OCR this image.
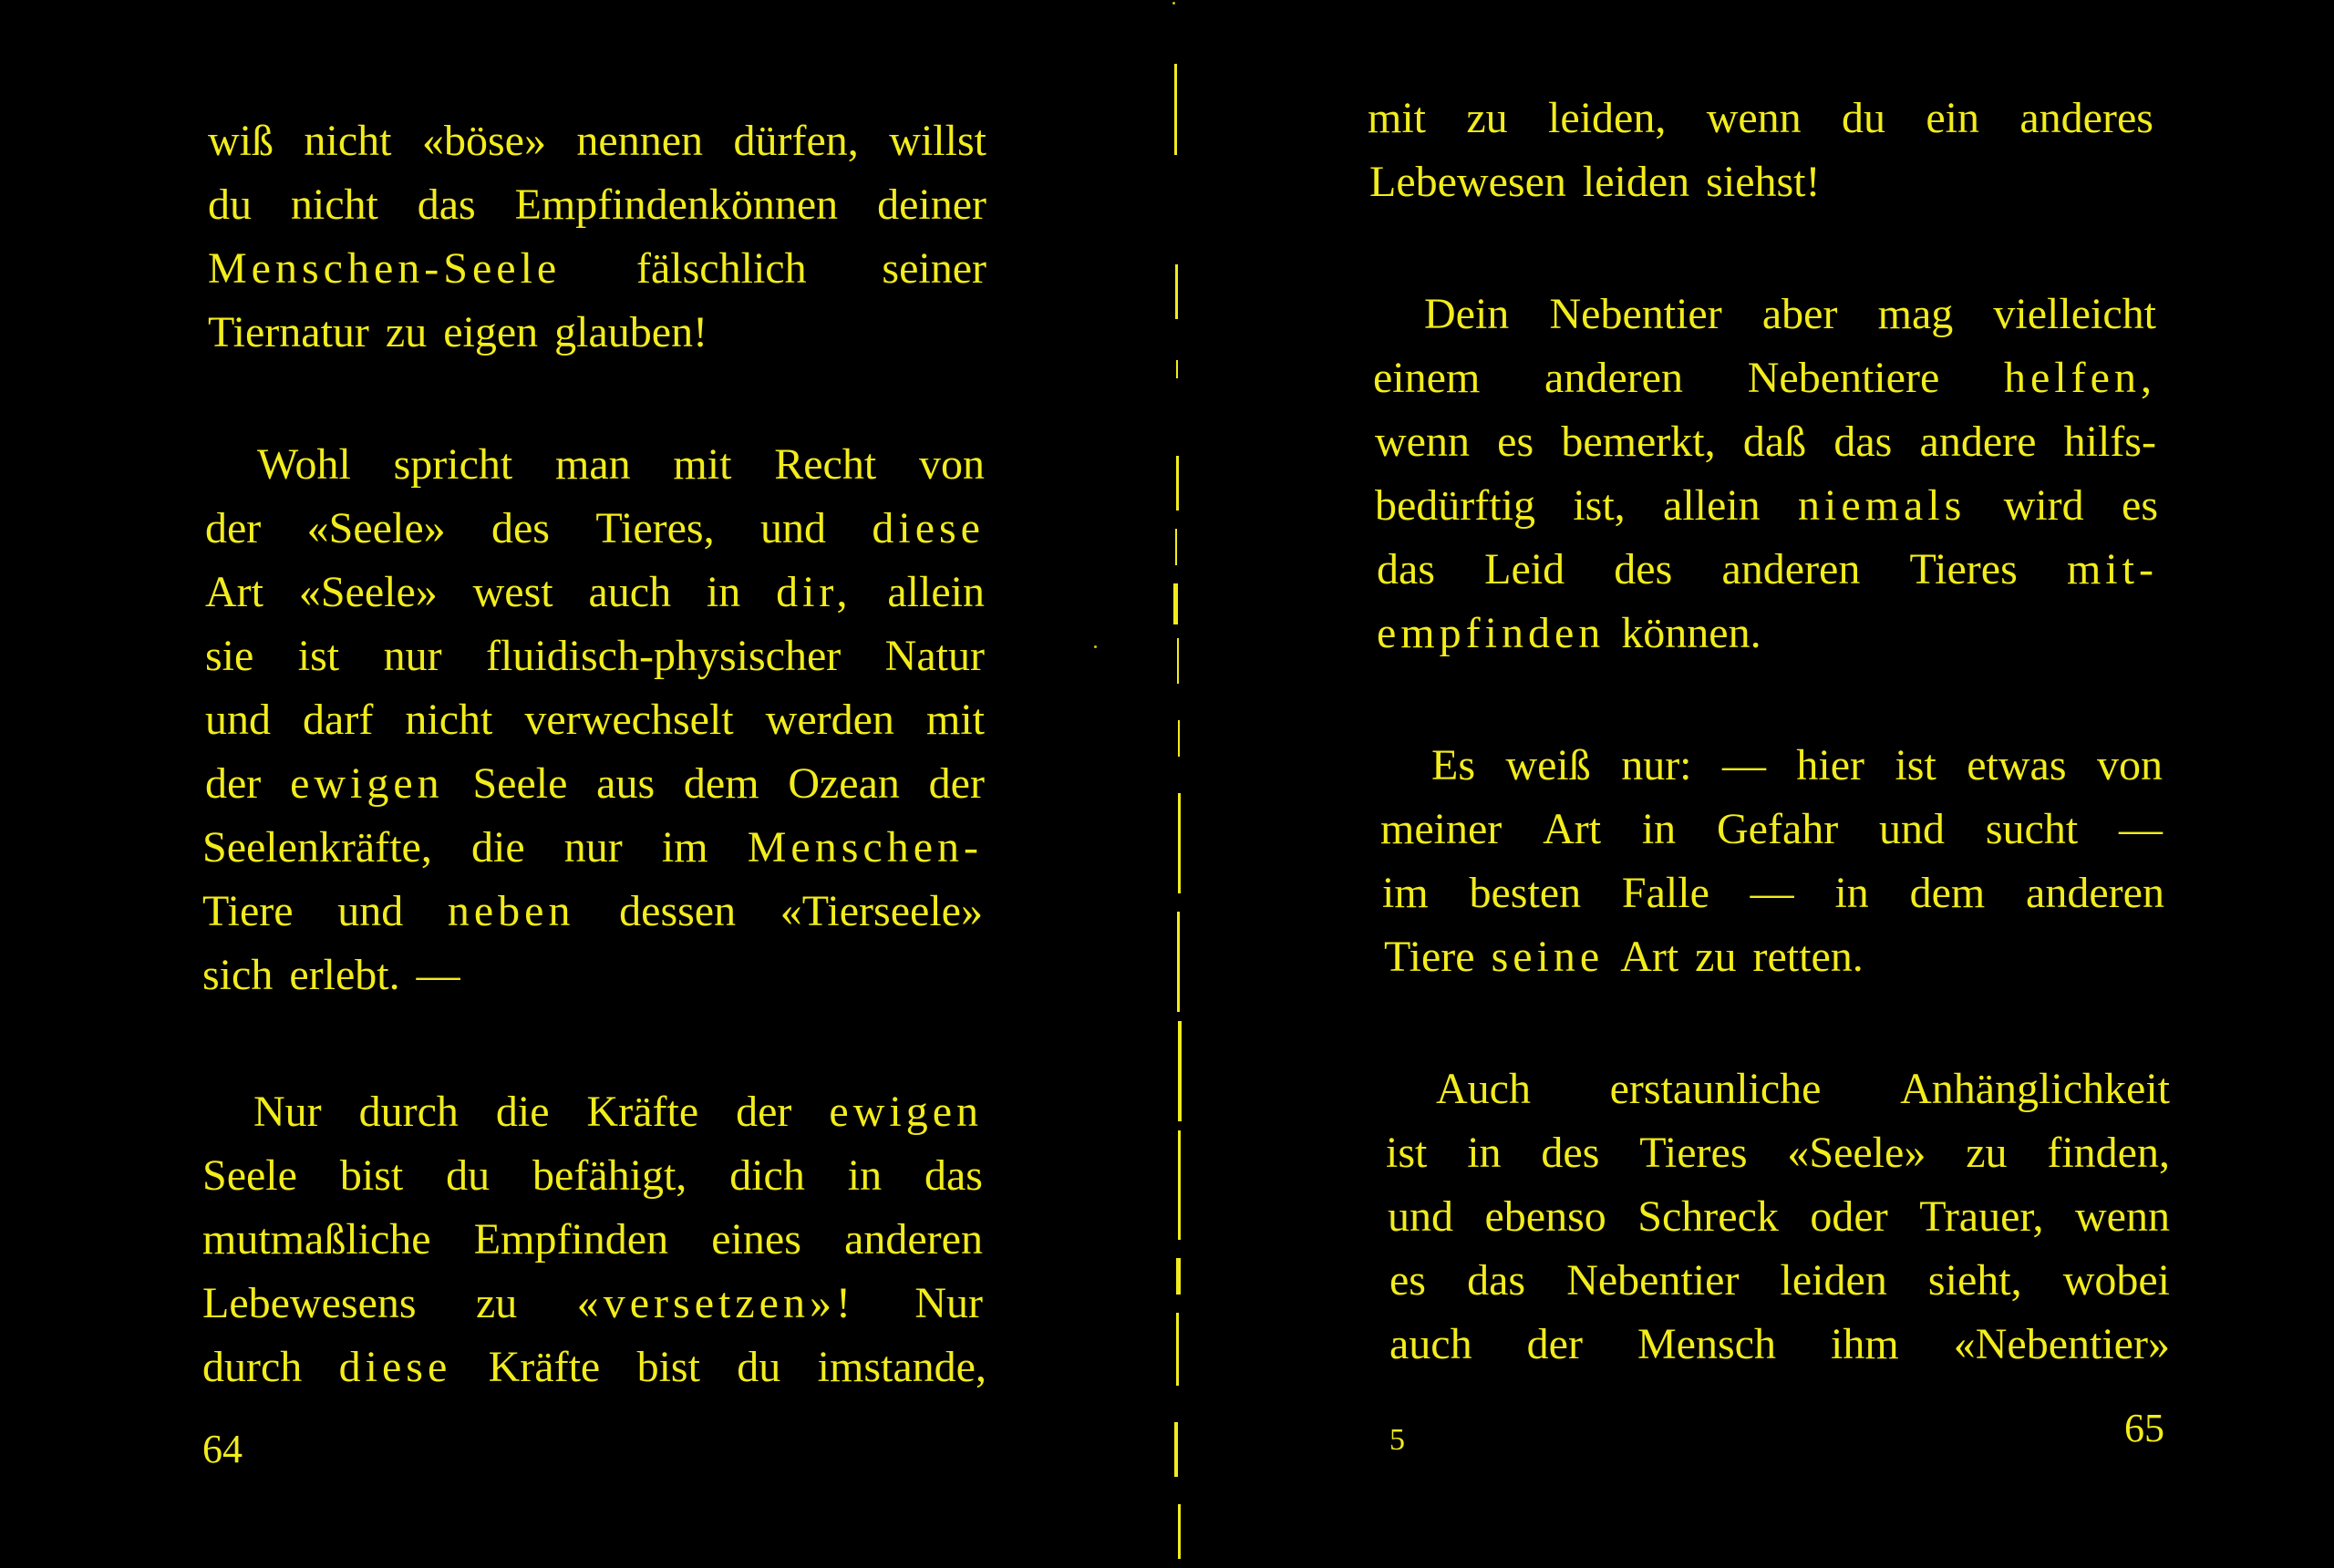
wiß nicht «böse» nennen dürfen, willst
du nicht das Empfindenkönnen deiner
Menschen-Seele fälschlich seiner
Tiernatur zu eigen glauben!
Wohl spricht man mit Recht von
der «Seele» des Tieres, und diese
Art «Seele» west auch in dir, allein
sie ist nur fluidisch-physischer Natur
und darf nicht verwechselt werden mit
der ewigen Seele aus dem Ozean der
Seelenkräfte, die nur im Menschen-
Tiere und neben dessen «Tierseele»
sich erlebt. —
Nur durch die Kräfte der ewigen
Seele bist du befähigt, dich in das
mutmaßliche Empfinden eines anderen
Lebewesens zu «versetzen»! Nur
durch diese Kräfte bist du imstande,
mit zu leiden, wenn du ein anderes
Lebewesen leiden siehst!
Dein Nebentier aber mag vielleicht
einem anderen Nebentiere helfen,
wenn es bemerkt, daß das andere hilfs-
bedürftig ist, allein niemals wird es
das Leid des anderen Tieres mit-
empfinden können.
Es weiß nur: — hier ist etwas von
meiner Art in Gefahr und sucht —
im besten Falle — in dem anderen
Tiere seine Art zu retten.
Auch erstaunliche Anhänglichkeit
ist in des Tieres «Seele» zu finden,
und ebenso Schreck oder Trauer, wenn
es das Nebentier leiden sieht, wobei
auch der Mensch ihm «Nebentier»
64	5	65
